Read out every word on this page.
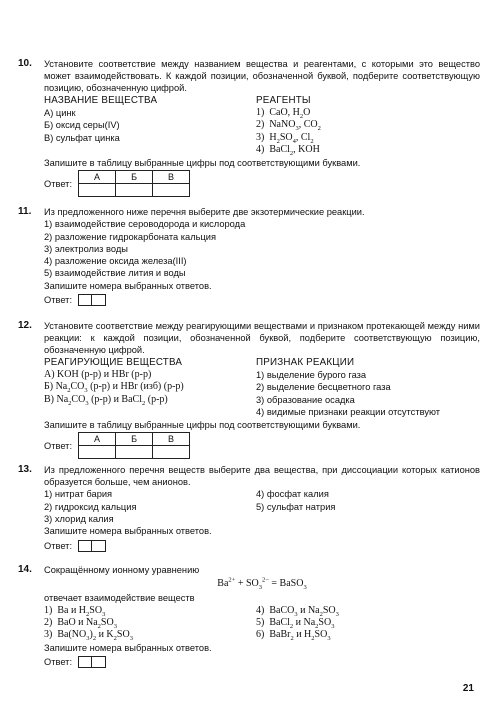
10. Установите соответствие между названием вещества и реагентами, с которыми это вещество может взаимодействовать. К каждой позиции, обозначенной буквой, подберите соответствующую позицию, обозначенную цифрой.
НАЗВАНИЕ ВЕЩЕСТВА
А) цинк
Б) оксид серы(IV)
В) сульфат цинка
РЕАГЕНТЫ
1)  CaO, $H_2O$
2)  NaNO$_3$, $CO_2$
3)  $H_2SO_4$, $Cl_2$
4)  BaCl$_2$, KOH
Запишите в таблицу выбранные цифры под соответствующими буквами.
Ответ:
А	Б	В

11. Из предложенного ниже перечня выберите две экзотермические реакции.
1) взаимодействие сероводорода и кислорода
2) разложение гидрокарбоната кальция
3) электролиз воды
4) разложение оксида железа(III)
5) взаимодействие лития и воды
Запишите номера выбранных ответов.
Ответ:
12. Установите соответствие между реагирующими веществами и признаком протекающей между ними реакции: к каждой позиции, обозначенной буквой, подберите соответствующую позицию, обозначенную цифрой.
РЕАГИРУЮЩИЕ ВЕЩЕСТВА
А) KOH (р-р) и HBr (р-р)
Б) $Na_2CO_3$ (р-р) и HBr (изб) (р-р)
В) $Na_2CO_3$ (р-р) и BaCl$_2$ (р-р)
ПРИЗНАК РЕАКЦИИ
1) выделение бурого газа
2) выделение бесцветного газа
3) образование осадка
4) видимые признаки реакции отсутствуют
Запишите в таблицу выбранные цифры под соответствующими буквами.
Ответ:
А	Б	В

13. Из предложенного перечня веществ выберите два вещества, при диссоциации которых катионов образуется больше, чем анионов.
1) нитрат бария
2) гидроксид кальция
3) хлорид калия
4) фосфат калия
5) сульфат натрия
Запишите номера выбранных ответов.
Ответ:
14. Сокращённому ионному уравнению
$Ba^{2+} + SO_3^{2-}$ = BaSO$_3$
отвечает взаимодействие веществ
1)  Ba и $H_2SO_3$
2)  BaO и $Na_2SO_3$
3)  $Ba(NO_3)_2$ и $K_2SO_3$
4)  BaCO$_3$ и $Na_2SO_3$
5)  BaCl$_2$ и $Na_2SO_3$
6)  BaBr$_2$ и $H_2SO_3$
Запишите номера выбранных ответов.
Ответ:
21
